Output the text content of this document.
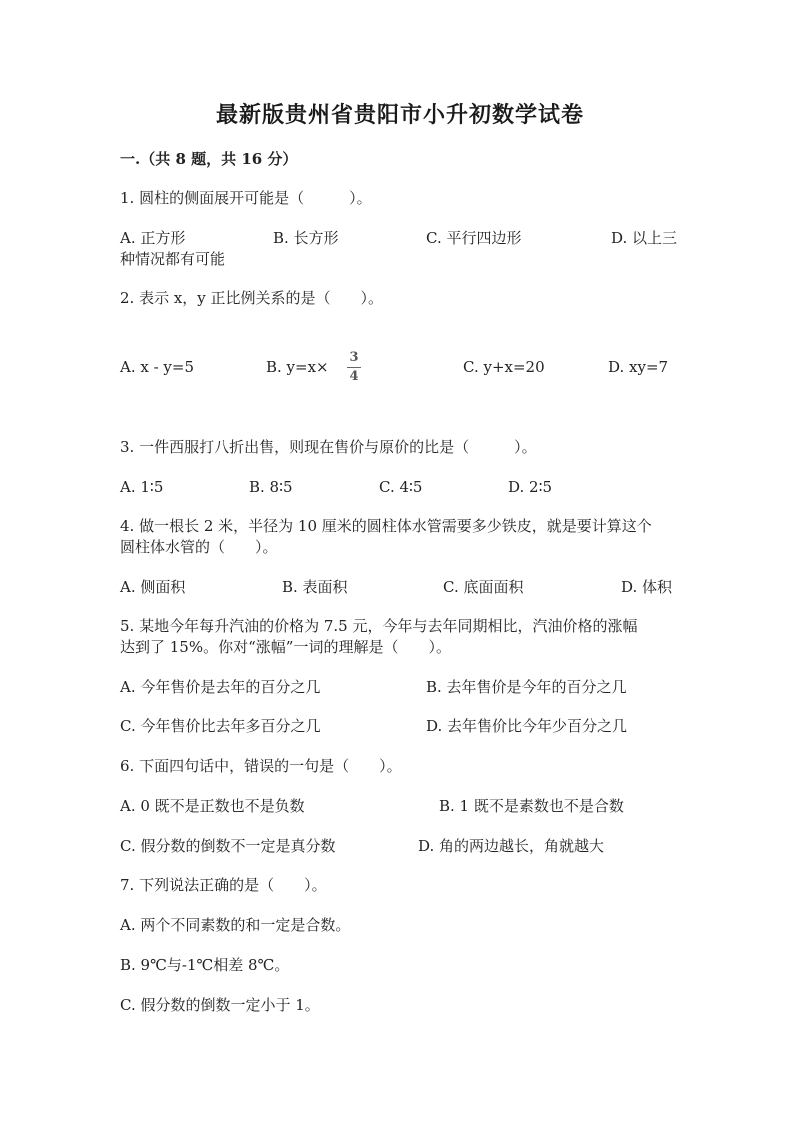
最新版贵州省贵阳市小升初数学试卷
一.（共 8 题，共 16 分）
1. 圆柱的侧面展开可能是（　　　）。
A. 正方形	B. 长方形	C. 平行四边形	D. 以上三
种情况都有可能
2. 表示 x，y 正比例关系的是（　　）。
A. x - y=5	B. y=x×
3
4
C. y+x=20	D. xy=7
3. 一件西服打八折出售，则现在售价与原价的比是（　　　）。
A. 1∶5	B. 8∶5	C. 4∶5	D. 2∶5
4. 做一根长 2 米，半径为 10 厘米的圆柱体水管需要多少铁皮，就是要计算这个
圆柱体水管的（　　）。
A. 侧面积	B. 表面积	C. 底面面积	D. 体积
5. 某地今年每升汽油的价格为 7.5 元，今年与去年同期相比，汽油价格的涨幅
达到了 15%。你对“涨幅”一词的理解是（　　）。
A. 今年售价是去年的百分之几	B. 去年售价是今年的百分之几
C. 今年售价比去年多百分之几	D. 去年售价比今年少百分之几
6. 下面四句话中，错误的一句是（　　）。
A. 0 既不是正数也不是负数	B. 1 既不是素数也不是合数
C. 假分数的倒数不一定是真分数	D. 角的两边越长，角就越大
7. 下列说法正确的是（　　）。
A. 两个不同素数的和一定是合数。
B. 9℃与-1℃相差 8℃。
C. 假分数的倒数一定小于 1。
